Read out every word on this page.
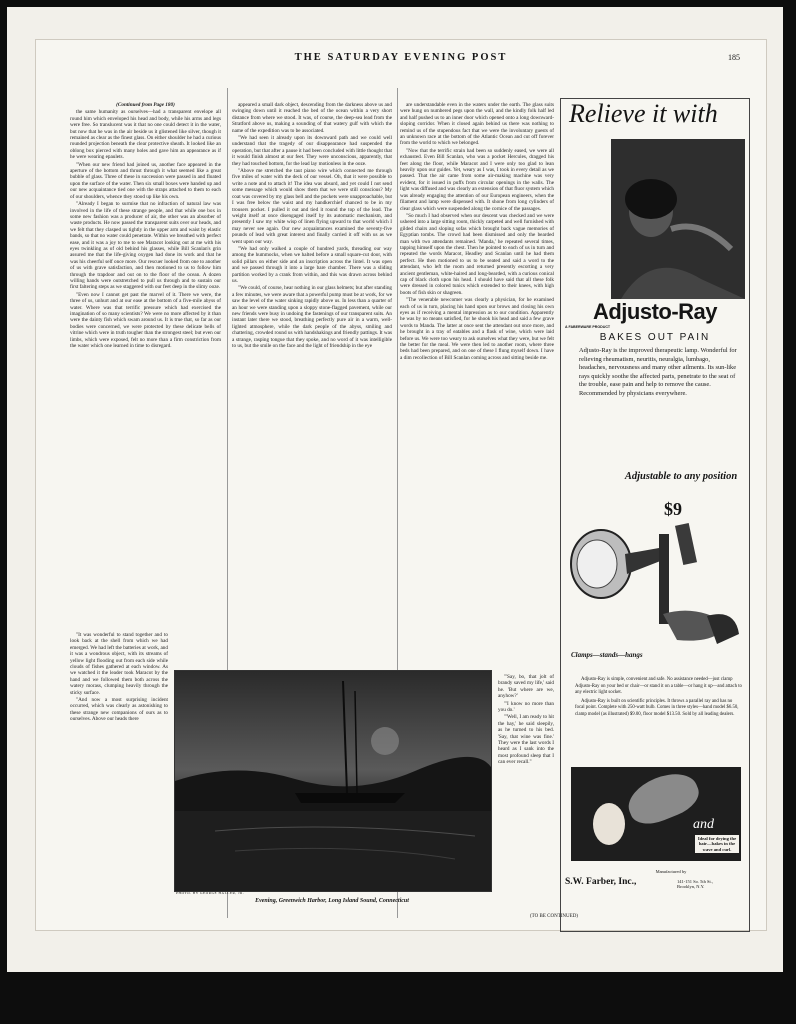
THE SATURDAY EVENING POST	185

(Continued from Page 180)

the same humanity as ourselves—had a transparent envelope all round him which enveloped his head and body, while his arms and legs were free. So translucent was it that no one could detect it in the water, but now that he was in the air beside us it glistened like silver, though it remained as clear as the finest glass. On either shoulder he had a curious rounded projection beneath the clear protective sheath. It looked like an oblong box pierced with many holes and gave him an appearance as if he were wearing epaulets.

"When our new friend had joined us, another face appeared in the aperture of the bottom and thrust through it what seemed like a great bubble of glass. Three of these in succession were passed in and floated upon the surface of the water. Then six small boxes were handed up and our new acquaintance tied one with the straps attached to them to each of our shoulders, whence they stood up like his own.

"Already I began to surmise that no infraction of natural law was involved in the life of these strange people, and that while one box in some new fashion was a producer of air, the other was an absorber of waste products. He now passed the transparent suits over our heads, and we felt that they clasped us tightly in the upper arm and waist by elastic bands, so that no water could penetrate. Within we breathed with perfect ease, and it was a joy to me to see Maracot looking out at me with his eyes twinkling as of old behind his glasses, while Bill Scanlan's grin assured me that the life-giving oxygen had done its work and that he was his cheerful self once more. Our rescuer looked from one to another of us with grave satisfaction, and then motioned to us to follow him through the trapdoor and out on to the floor of the ocean. A dozen willing hands were outstretched to pull us through and to sustain our first faltering steps as we staggered with our feet deep in the slimy ooze.

"Even now I cannot get past the marvel of it. There we were, the three of us, unhurt and at our ease at the bottom of a five-mile abyss of water. Where was that terrific pressure which had exercised the imagination of so many scientists? We were no more affected by it than were the dainty fish which swam around us. It is true that, so far as our bodies were concerned, we were protected by these delicate bells of vitrine which were in truth tougher than the strongest steel; but even our limbs, which were exposed, felt no more than a firm constriction from the water which one learned in time to disregard.

"It was wonderful to stand together and to look back at the shell from which we had emerged. We had left the batteries at work, and it was a wondrous object, with its streams of yellow light flooding out from each side while clouds of fishes gathered at each window. As we watched it the leader took Maracot by the hand and we followed them both across the watery morass, clumping heavily through the sticky surface.

"And now a most surprising incident occurred, which was clearly as astonishing to these strange new companions of ours as to ourselves. Above our heads there

appeared a small dark object, descending from the darkness above us and swinging down until it reached the bed of the ocean within a very short distance from where we stood. It was, of course, the deep-sea lead from the Stratford above us, making a sounding of that watery gulf with which the name of the expedition was to be associated.

"We had seen it already upon its downward path and we could well understand that the tragedy of our disappearance had suspended the operation, but that after a pause it had been concluded with little thought that it would finish almost at our feet. They were unconscious, apparently, that they had touched bottom, for the lead lay motionless in the ooze.

"Above me stretched the taut piano wire which connected me through five miles of water with the deck of our vessel. Oh, that it were possible to write a note and to attach it! The idea was absurd, and yet could I not send some message which would show them that we were still conscious? My coat was covered by my glass bell and the pockets were unapproachable, but I was free below the waist and my handkerchief chanced to be in my trousers pocket. I pulled it out and tied it round the top of the lead. The weight itself at once disengaged itself by its automatic mechanism, and presently I saw my white wisp of linen flying upward to that world which I may never see again. Our new acquaintances examined the seventy-five pounds of lead with great interest and finally carried it off with us as we went upon our way.

"We had only walked a couple of hundred yards, threading our way among the hummocks, when we halted before a small square-cut door, with solid pillars on either side and an inscription across the lintel. It was open and we passed through it into a large bare chamber. There was a sliding partition worked by a crank from within, and this was drawn across behind us.

"We could, of course, hear nothing in our glass helmets; but after standing a few minutes, we were aware that a powerful pump must be at work, for we saw the level of the water sinking rapidly above us. In less than a quarter of an hour we were standing upon a sloppy stone-flagged pavement, while our new friends were busy in undoing the fastenings of our transparent suits. An instant later there we stood, breathing perfectly pure air in a warm, well-lighted atmosphere, while the dark people of the abyss, smiling and chattering, crowded round us with handshakings and friendly pattings. It was a strange, rasping tongue that they spoke, and no word of it was intelligible to us, but the smile on the face and the light of friendship in the eye

are understandable even in the waters under the earth. The glass suits were hung on numbered pegs upon the wall, and the kindly folk half led and half pushed us to an inner door which opened onto a long downward-sloping corridor. When it closed again behind us there was nothing to remind us of the stupendous fact that we were the involuntary guests of an unknown race at the bottom of the Atlantic Ocean and cut off forever from the world to which we belonged.

"Now that the terrific strain had been so suddenly eased, we were all exhausted. Even Bill Scanlan, who was a pocket Hercules, dragged his feet along the floor, while Maracot and I were only too glad to lean heavily upon our guides. Yet, weary as I was, I took in every detail as we passed. That the air came from some air-making machine was very evident, for it issued in puffs from circular openings in the walls. The light was diffused and was clearly an extension of that fluor system which was already engaging the attention of our European engineers, when the filament and lamp were dispensed with. It shone from long cylinders of clear glass which were suspended along the cornice of the passages.

"So much I had observed when our descent was checked and we were ushered into a large sitting room, thickly carpeted and well furnished with gilded chairs and sloping sofas which brought back vague memories of Egyptian tombs. The crowd had been dismissed and only the bearded man with two attendants remained. 'Manda,' he repeated several times, tapping himself upon the chest. Then he pointed to each of us in turn and repeated the words Maracot, Headley and Scanlan until he had them perfect. He then motioned to us to be seated and said a word to the attendant, who left the room and returned presently escorting a very ancient gentleman, white-haired and long-bearded, with a curious conical cap of black cloth upon his head. I should have said that all these folk were dressed in colored tunics which extended to their knees, with high boots of fish skin or shagreen.

"The venerable newcomer was clearly a physician, for he examined each of us in turn, placing his hand upon our brows and closing his own eyes as if receiving a mental impression as to our condition. Apparently he was by no means satisfied, for he shook his head and said a few grave words to Manda. The latter at once sent the attendant out once more, and he brought in a tray of eatables and a flask of wine, which were laid before us. We were too weary to ask ourselves what they were, but we felt the better for the meal. We were then led to another room, where three beds had been prepared, and on one of these I flung myself down. I have a dim recollection of Bill Scanlan coming across and sitting beside me.

"'Say, bo, that jolt of brandy saved my life,' said he. 'But where are we, anyhow?'

"'I know no more than you do.'

"'Well, I am ready to hit the hay,' he said sleepily, as he turned to his bed. 'Say, that wine was fine.' They were the last words I heard as I sank into the most profound sleep that I can ever recall."

(TO BE CONTINUED)
PHOTO. BY GEORGE HALLER, JR.
Evening, Greenwich Harbor, Long Island Sound, Connecticut
Relieve it with
Adjusto-Ray
A FABERWARE PRODUCT
BAKES OUT PAIN
Adjusto-Ray is the improved therapeutic lamp. Wonderful for relieving rheumatism, neuritis, neuralgia, lumbago, headaches, nervousness and many other ailments. Its sun-like rays quickly soothe the affected parts, penetrate to the seat of the trouble, ease pain and help to remove the cause. Recommended by physicians everywhere.
Adjustable to any position
$9
Clamps—stands—hangs

Adjusto-Ray is simple, convenient and safe. No assistance needed—just clamp Adjusto-Ray on your bed or chair—or stand it on a table—or hang it up—and attach to any electric light socket.

Adjusto-Ray is built on scientific principles. It throws a parallel ray and has no focal point. Complete with 250-watt bulb. Comes in three styles—hand model $6.50, clamp model (as illustrated) $9.00, floor model $13.50. Sold by all leading dealers.

and
Ideal for drying the hair—bakes in the wave and curl.
Manufactured by
S.W. Farber, Inc.,	141-151 So. 5th St.,
Brooklyn, N.Y.
